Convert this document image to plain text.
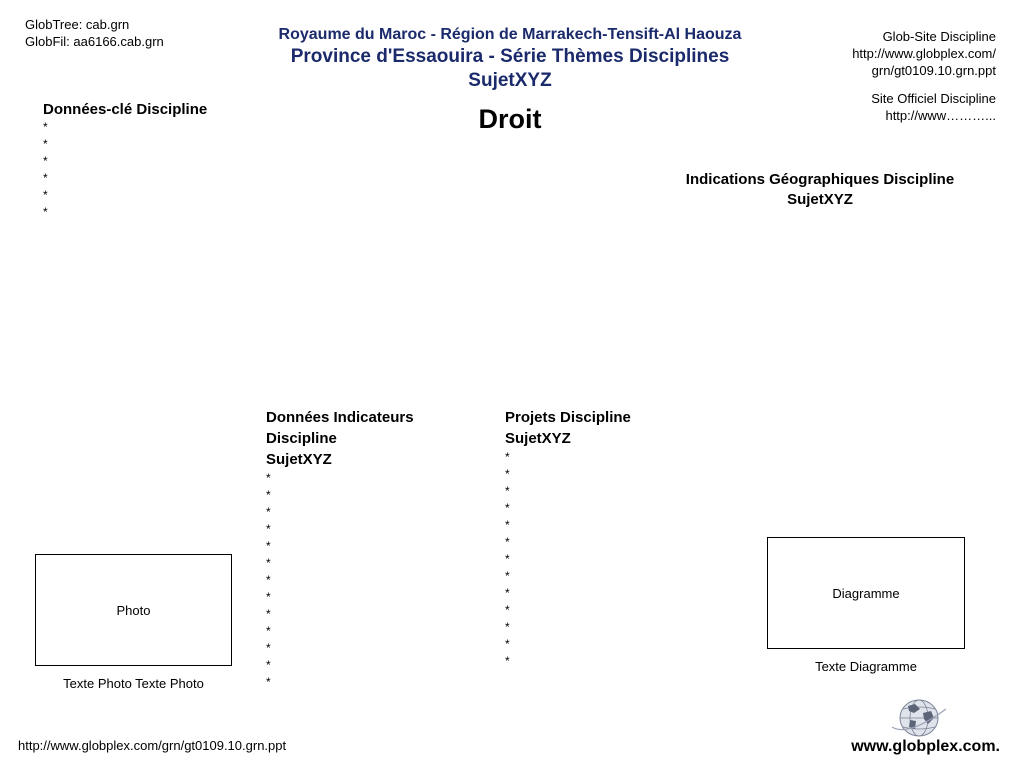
GlobTree: cab.grn
GlobFil: aa6166.cab.grn	Royaume du Maroc - Région de Marrakech-Tensift-Al Haouza
Province d'Essaouira - Série Thèmes Disciplines
SujetXYZ
Droit
Glob-Site Discipline
http://www.globplex.com/
grn/gt0109.10.grn.ppt
Site Officiel Discipline
http://www………...
Données-clé Discipline
*
*
*
*
*
*
Indications Géographiques Discipline
SujetXYZ
Données Indicateurs
Discipline
SujetXYZ
*
*
*
*
*
*
*
*
*
*
*
*
*
Projets Discipline
SujetXYZ
*
*
*
*
*
*
*
*
*
*
*
*
*
Photo
Texte Photo Texte Photo
Diagramme
Texte Diagramme
http://www.globplex.com/grn/gt0109.10.grn.ppt	www.globplex.com.
